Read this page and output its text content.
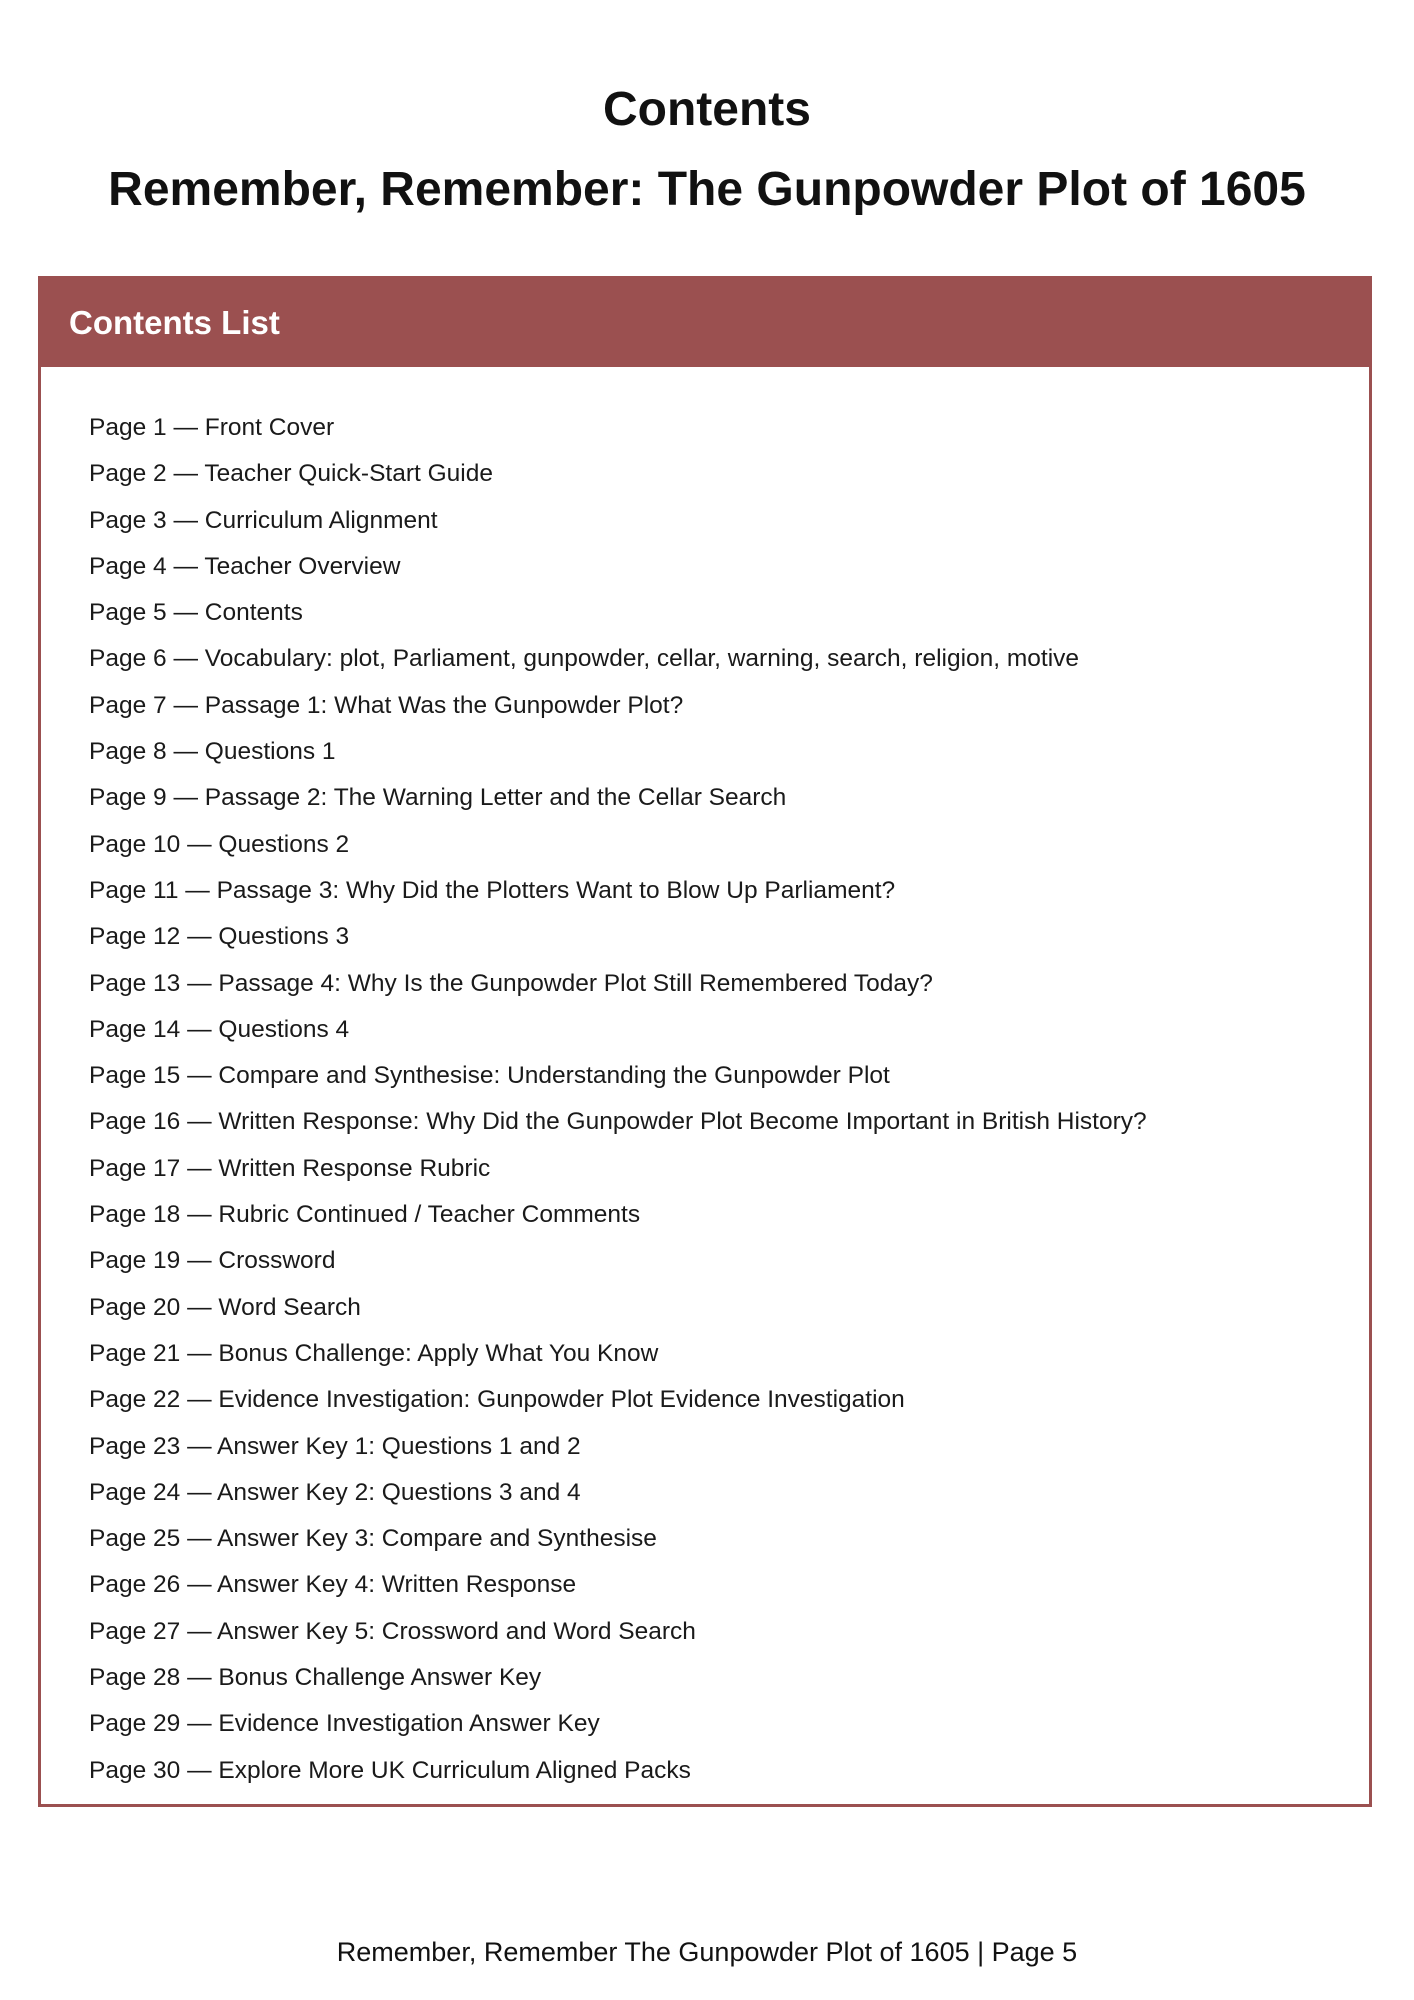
Contents
Remember, Remember: The Gunpowder Plot of 1605
Contents List
Page 1 — Front Cover
Page 2 — Teacher Quick-Start Guide
Page 3 — Curriculum Alignment
Page 4 — Teacher Overview
Page 5 — Contents
Page 6 — Vocabulary: plot, Parliament, gunpowder, cellar, warning, search, religion, motive
Page 7 — Passage 1: What Was the Gunpowder Plot?
Page 8 — Questions 1
Page 9 — Passage 2: The Warning Letter and the Cellar Search
Page 10 — Questions 2
Page 11 — Passage 3: Why Did the Plotters Want to Blow Up Parliament?
Page 12 — Questions 3
Page 13 — Passage 4: Why Is the Gunpowder Plot Still Remembered Today?
Page 14 — Questions 4
Page 15 — Compare and Synthesise: Understanding the Gunpowder Plot
Page 16 — Written Response: Why Did the Gunpowder Plot Become Important in British History?
Page 17 — Written Response Rubric
Page 18 — Rubric Continued / Teacher Comments
Page 19 — Crossword
Page 20 — Word Search
Page 21 — Bonus Challenge: Apply What You Know
Page 22 — Evidence Investigation: Gunpowder Plot Evidence Investigation
Page 23 — Answer Key 1: Questions 1 and 2
Page 24 — Answer Key 2: Questions 3 and 4
Page 25 — Answer Key 3: Compare and Synthesise
Page 26 — Answer Key 4: Written Response
Page 27 — Answer Key 5: Crossword and Word Search
Page 28 — Bonus Challenge Answer Key
Page 29 — Evidence Investigation Answer Key
Page 30 — Explore More UK Curriculum Aligned Packs
Remember, Remember The Gunpowder Plot of 1605 | Page 5
